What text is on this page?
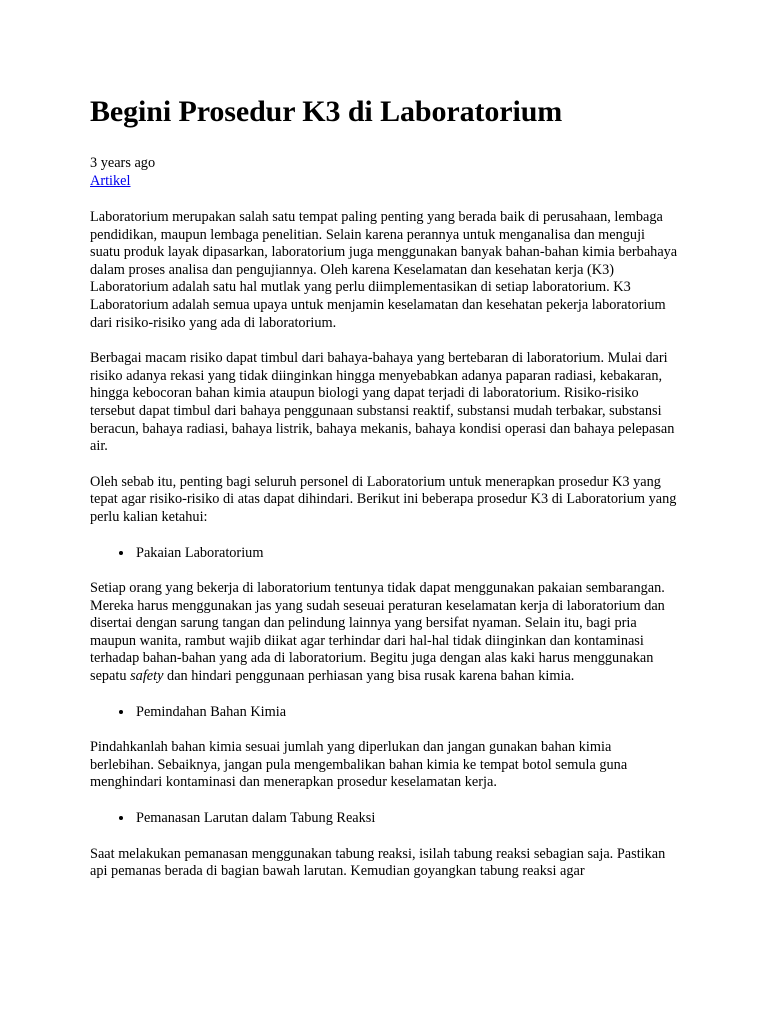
Begini Prosedur K3 di Laboratorium
3 years ago
Artikel

Laboratorium merupakan salah satu tempat paling penting yang berada baik di perusahaan, lembaga pendidikan, maupun lembaga penelitian. Selain karena perannya untuk menganalisa dan menguji suatu produk layak dipasarkan, laboratorium juga menggunakan banyak bahan-bahan kimia berbahaya dalam proses analisa dan pengujiannya. Oleh karena Keselamatan dan kesehatan kerja (K3) Laboratorium adalah satu hal mutlak yang perlu diimplementasikan di setiap laboratorium. K3 Laboratorium adalah semua upaya untuk menjamin keselamatan dan kesehatan pekerja laboratorium dari risiko-risiko yang ada di laboratorium.

Berbagai macam risiko dapat timbul dari bahaya-bahaya yang bertebaran di laboratorium. Mulai dari risiko adanya rekasi yang tidak diinginkan hingga menyebabkan adanya paparan radiasi, kebakaran, hingga kebocoran bahan kimia ataupun biologi yang dapat terjadi di laboratorium. Risiko-risiko tersebut dapat timbul dari bahaya penggunaan substansi reaktif, substansi mudah terbakar, substansi beracun, bahaya radiasi, bahaya listrik, bahaya mekanis, bahaya kondisi operasi dan bahaya pelepasan air.

Oleh sebab itu, penting bagi seluruh personel di Laboratorium untuk menerapkan prosedur K3 yang tepat agar risiko-risiko di atas dapat dihindari. Berikut ini beberapa prosedur K3 di Laboratorium yang perlu kalian ketahui:

• Pakaian Laboratorium

Setiap orang yang bekerja di laboratorium tentunya tidak dapat menggunakan pakaian sembarangan. Mereka harus menggunakan jas yang sudah seseuai peraturan keselamatan kerja di laboratorium dan disertai dengan sarung tangan dan pelindung lainnya yang bersifat nyaman. Selain itu, bagi pria maupun wanita, rambut wajib diikat agar terhindar dari hal-hal tidak diinginkan dan kontaminasi terhadap bahan-bahan yang ada di laboratorium. Begitu juga dengan alas kaki harus menggunakan sepatu safety dan hindari penggunaan perhiasan yang bisa rusak karena bahan kimia.

• Pemindahan Bahan Kimia

Pindahkanlah bahan kimia sesuai jumlah yang diperlukan dan jangan gunakan bahan kimia berlebihan. Sebaiknya, jangan pula mengembalikan bahan kimia ke tempat botol semula guna menghindari kontaminasi dan menerapkan prosedur keselamatan kerja.

• Pemanasan Larutan dalam Tabung Reaksi

Saat melakukan pemanasan menggunakan tabung reaksi, isilah tabung reaksi sebagian saja. Pastikan api pemanas berada di bagian bawah larutan. Kemudian goyangkan tabung reaksi agar
